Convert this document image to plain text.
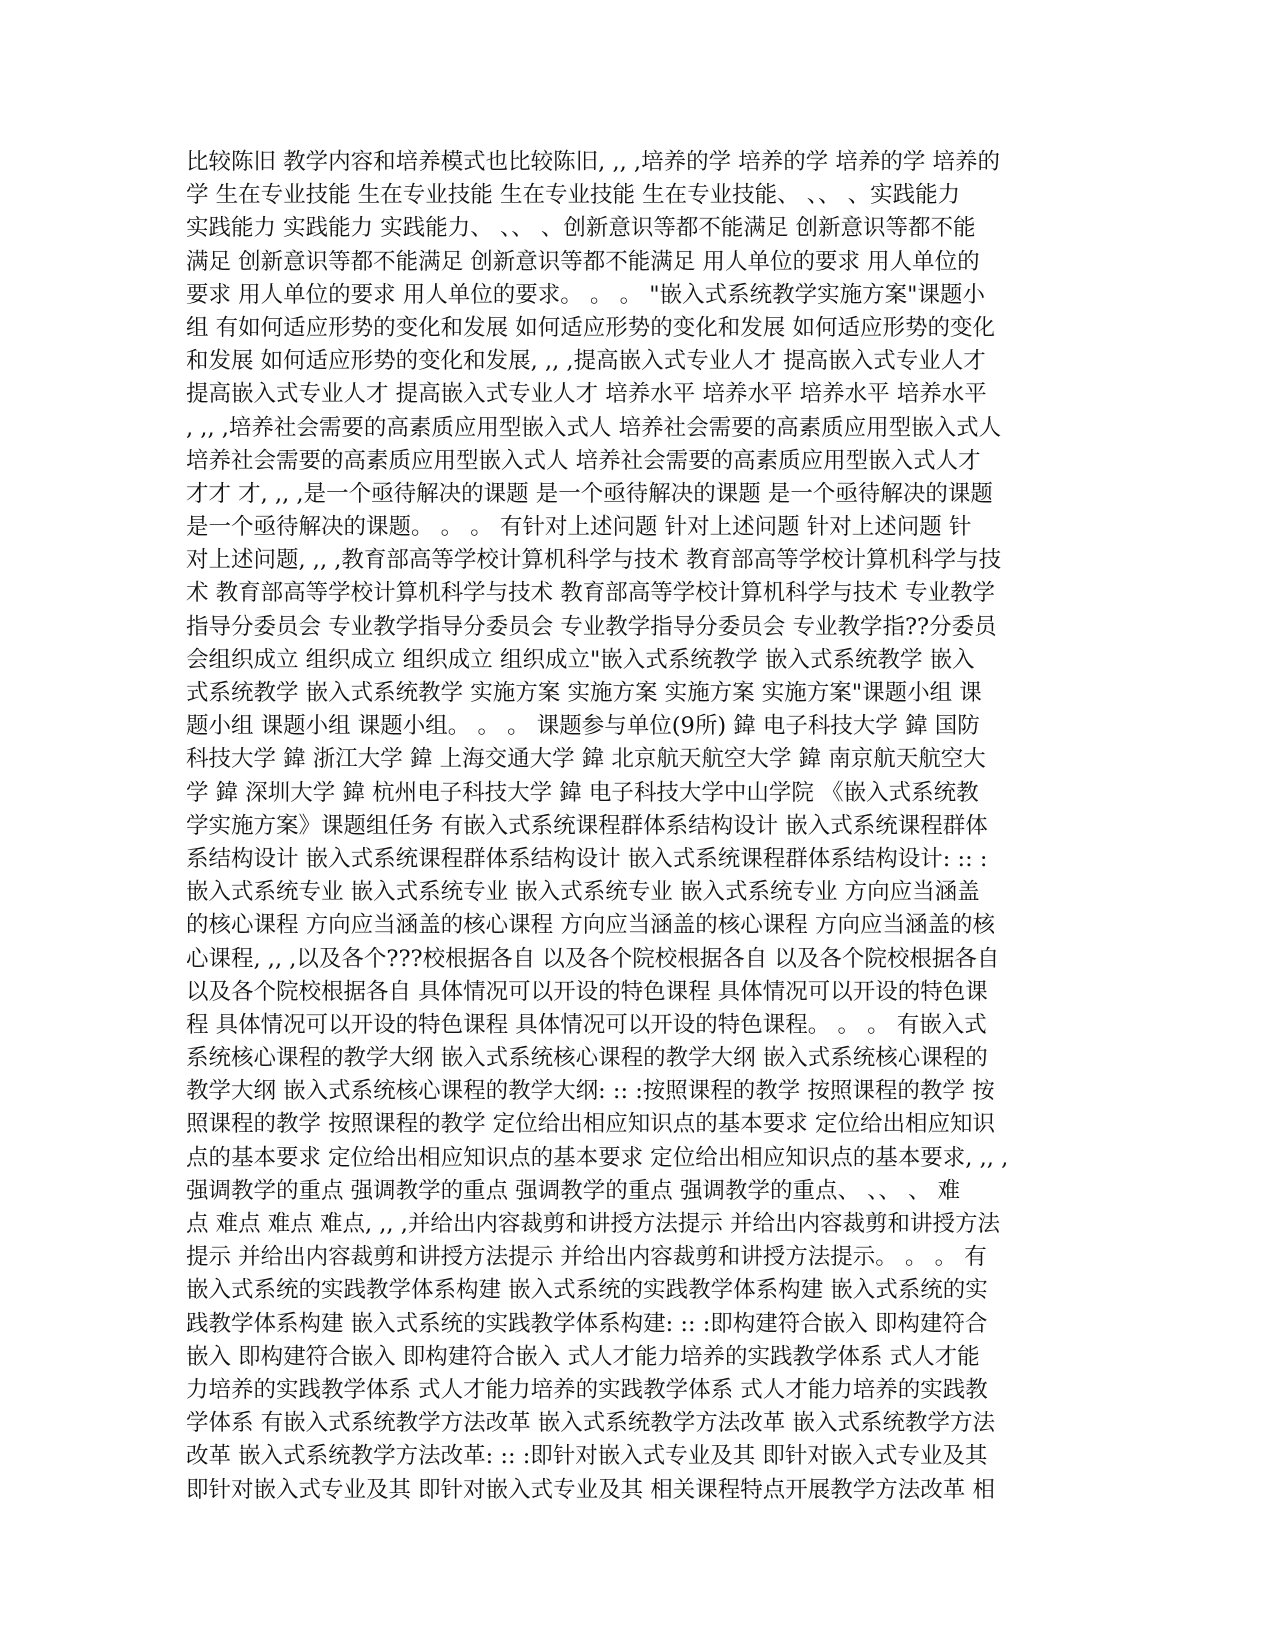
比较陈旧 教学内容和培养模式也比较陈旧, ,, ,培养的学 培养的学 培养的学 培养的
学 生在专业技能 生在专业技能 生在专业技能 生在专业技能、 、、 、实践能力
实践能力 实践能力 实践能力、 、、 、创新意识等都不能满足 创新意识等都不能
满足 创新意识等都不能满足 创新意识等都不能满足 用人单位的要求 用人单位的
要求 用人单位的要求 用人单位的要求。 。 。 "嵌入式系统教学实施方案"课题小
组 有如何适应形势的变化和发展 如何适应形势的变化和发展 如何适应形势的变化
和发展 如何适应形势的变化和发展, ,, ,提高嵌入式专业人才 提高嵌入式专业人才
提高嵌入式专业人才 提高嵌入式专业人才 培养水平 培养水平 培养水平 培养水平
, ,, ,培养社会需要的高素质应用型嵌入式人 培养社会需要的高素质应用型嵌入式人
培养社会需要的高素质应用型嵌入式人 培养社会需要的高素质应用型嵌入式人才
才才 才, ,, ,是一个亟待解决的课题 是一个亟待解决的课题 是一个亟待解决的课题
是一个亟待解决的课题。 。 。 有针对上述问题 针对上述问题 针对上述问题 针
对上述问题, ,, ,教育部高等学校计算机科学与技术 教育部高等学校计算机科学与技
术 教育部高等学校计算机科学与技术 教育部高等学校计算机科学与技术 专业教学
指导分委员会 专业教学指导分委员会 专业教学指导分委员会 专业教学指??分委员
会组织成立 组织成立 组织成立 组织成立"嵌入式系统教学 嵌入式系统教学 嵌入
式系统教学 嵌入式系统教学 实施方案 实施方案 实施方案 实施方案"课题小组 课
题小组 课题小组 课题小组。 。 。 课题参与单位(9所) 鍏 电子科技大学 鍏 国防
科技大学 鍏 浙江大学 鍏 上海交通大学 鍏 北京航天航空大学 鍏 南京航天航空大
学 鍏 深圳大学 鍏 杭州电子科技大学 鍏 电子科技大学中山学院 《嵌入式系统教
学实施方案》课题组任务 有嵌入式系统课程群体系结构设计 嵌入式系统课程群体
系结构设计 嵌入式系统课程群体系结构设计 嵌入式系统课程群体系结构设计: :: :
嵌入式系统专业 嵌入式系统专业 嵌入式系统专业 嵌入式系统专业 方向应当涵盖
的核心课程 方向应当涵盖的核心课程 方向应当涵盖的核心课程 方向应当涵盖的核
心课程, ,, ,以及各个???校根据各自 以及各个院校根据各自 以及各个院校根据各自
以及各个院校根据各自 具体情况可以开设的特色课程 具体情况可以开设的特色课
程 具体情况可以开设的特色课程 具体情况可以开设的特色课程。 。 。 有嵌入式
系统核心课程的教学大纲 嵌入式系统核心课程的教学大纲 嵌入式系统核心课程的
教学大纲 嵌入式系统核心课程的教学大纲: :: :按照课程的教学 按照课程的教学 按
照课程的教学 按照课程的教学 定位给出相应知识点的基本要求 定位给出相应知识
点的基本要求 定位给出相应知识点的基本要求 定位给出相应知识点的基本要求, ,, ,
强调教学的重点 强调教学的重点 强调教学的重点 强调教学的重点、 、、 、 难
点 难点 难点 难点, ,, ,并给出内容裁剪和讲授方法提示 并给出内容裁剪和讲授方法
提示 并给出内容裁剪和讲授方法提示 并给出内容裁剪和讲授方法提示。 。 。 有
嵌入式系统的实践教学体系构建 嵌入式系统的实践教学体系构建 嵌入式系统的实
践教学体系构建 嵌入式系统的实践教学体系构建: :: :即构建符合嵌入 即构建符合
嵌入 即构建符合嵌入 即构建符合嵌入 式人才能力培养的实践教学体系 式人才能
力培养的实践教学体系 式人才能力培养的实践教学体系 式人才能力培养的实践教
学体系 有嵌入式系统教学方法改革 嵌入式系统教学方法改革 嵌入式系统教学方法
改革 嵌入式系统教学方法改革: :: :即针对嵌入式专业及其 即针对嵌入式专业及其
即针对嵌入式专业及其 即针对嵌入式专业及其 相关课程特点开展教学方法改革 相
